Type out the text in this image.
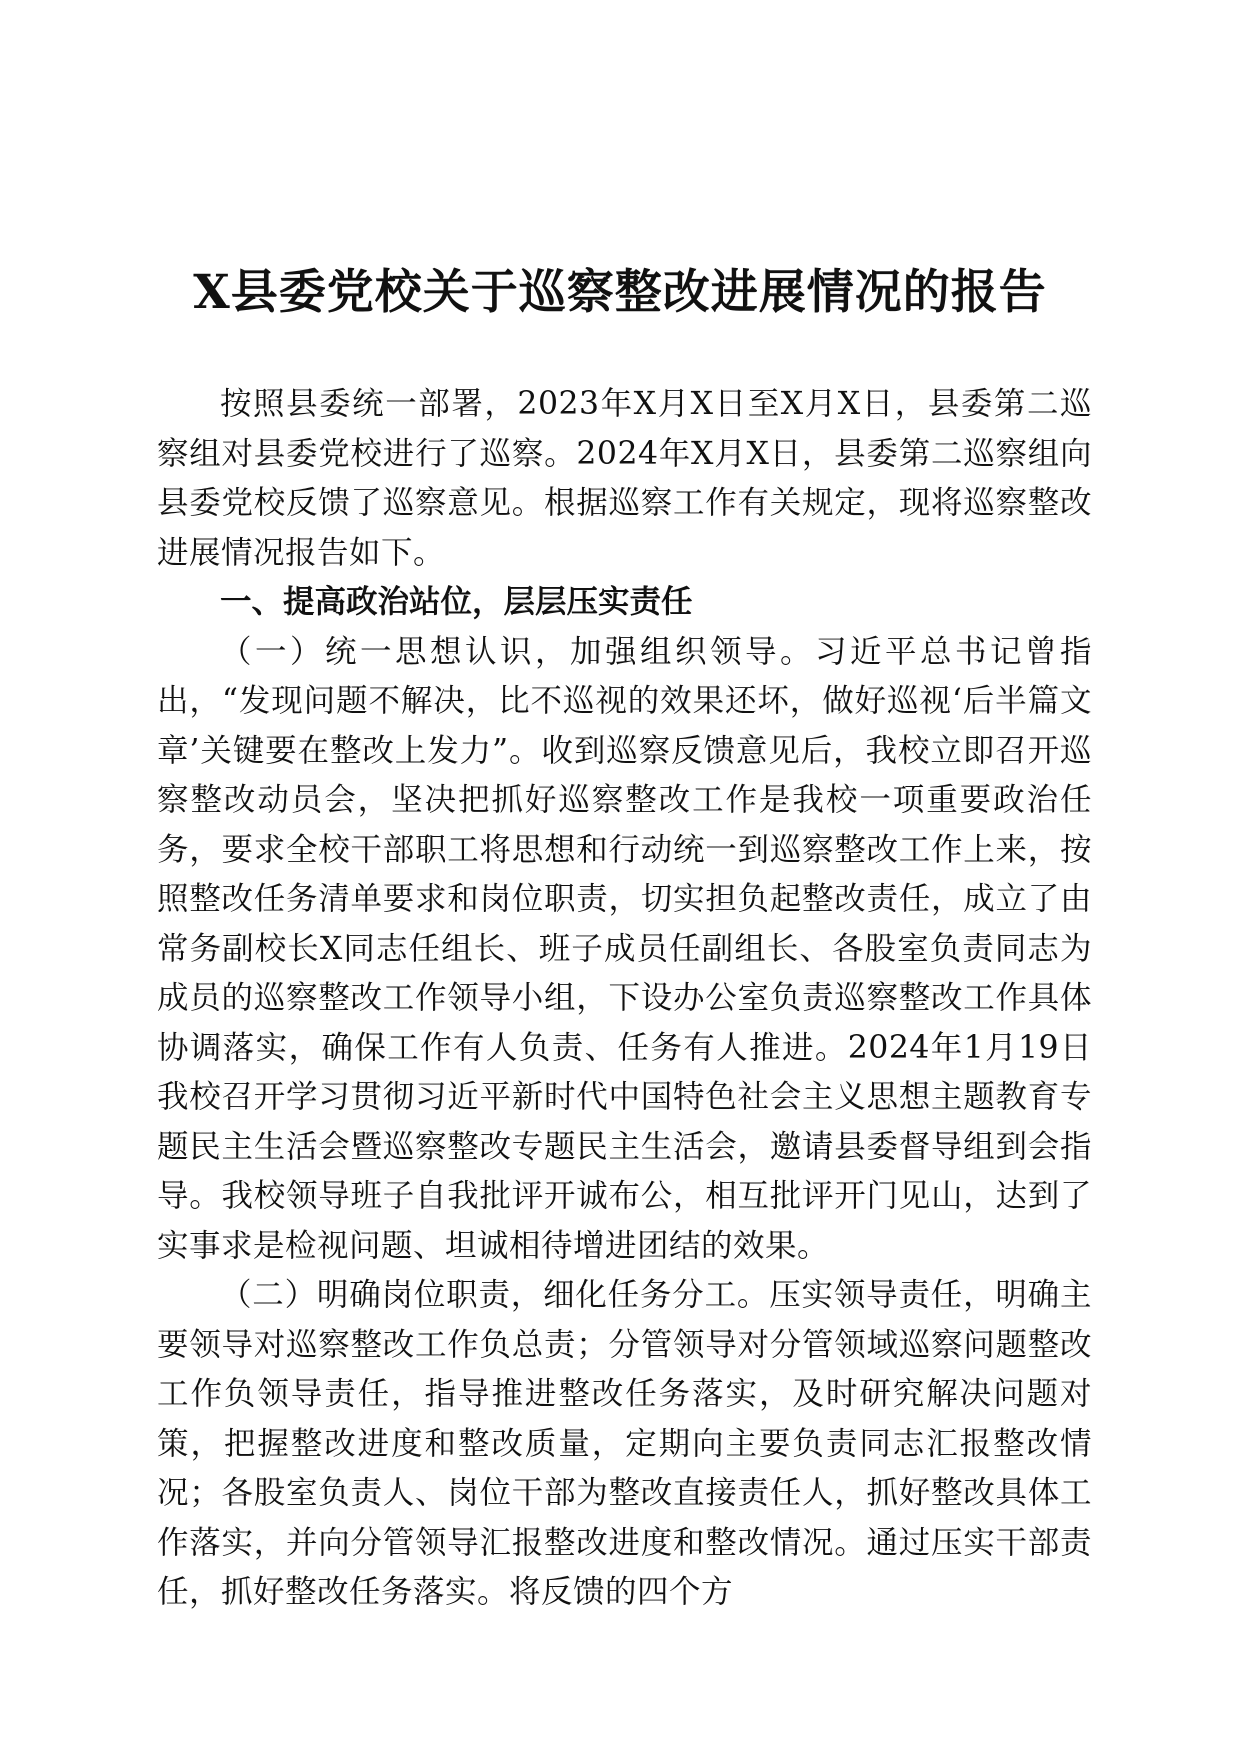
X县委党校关于巡察整改进展情况的报告

按照县委统一部署，2023年X月X日至X月X日，县委第二巡察组对县委党校进行了巡察。2024年X月X日，县委第二巡察组向县委党校反馈了巡察意见。根据巡察工作有关规定，现将巡察整改进展情况报告如下。

一、提高政治站位，层层压实责任

（一）统一思想认识，加强组织领导。习近平总书记曾指出，“发现问题不解决，比不巡视的效果还坏，做好巡视‘后半篇文章’关键要在整改上发力”。收到巡察反馈意见后，我校立即召开巡察整改动员会，坚决把抓好巡察整改工作是我校一项重要政治任务，要求全校干部职工将思想和行动统一到巡察整改工作上来，按照整改任务清单要求和岗位职责，切实担负起整改责任，成立了由常务副校长X同志任组长、班子成员任副组长、各股室负责同志为成员的巡察整改工作领导小组，下设办公室负责巡察整改工作具体协调落实，确保工作有人负责、任务有人推进。2024年1月19日我校召开学习贯彻习近平新时代中国特色社会主义思想主题教育专题民主生活会暨巡察整改专题民主生活会，邀请县委督导组到会指导。我校领导班子自我批评开诚布公，相互批评开门见山，达到了实事求是检视问题、坦诚相待增进团结的效果。

（二）明确岗位职责，细化任务分工。压实领导责任，明确主要领导对巡察整改工作负总责；分管领导对分管领域巡察问题整改工作负领导责任，指导推进整改任务落实，及时研究解决问题对策，把握整改进度和整改质量，定期向主要负责同志汇报整改情况；各股室负责人、岗位干部为整改直接责任人，抓好整改具体工作落实，并向分管领导汇报整改进度和整改情况。通过压实干部责任，抓好整改任务落实。将反馈的四个方
